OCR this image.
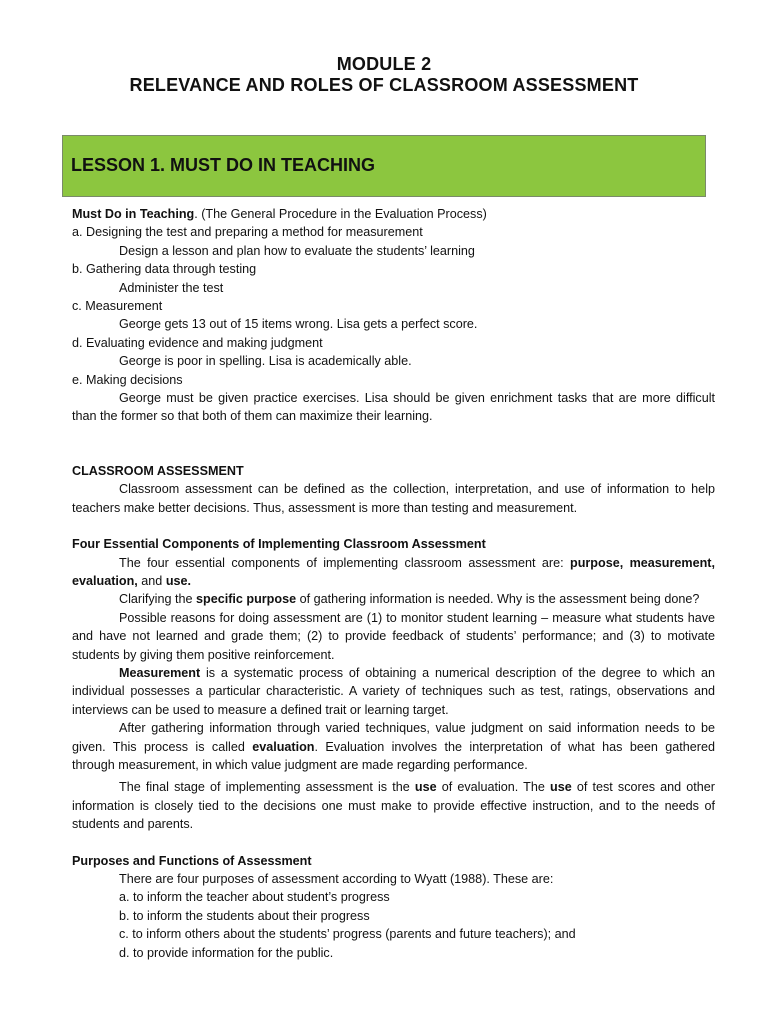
MODULE 2
RELEVANCE AND ROLES OF CLASSROOM ASSESSMENT
LESSON 1. MUST DO IN TEACHING
Must Do in Teaching. (The General Procedure in the Evaluation Process)
a. Designing the test and preparing a method for measurement
Design a lesson and plan how to evaluate the students’ learning
b. Gathering data through testing
Administer the test
c. Measurement
George gets 13 out of 15 items wrong. Lisa gets a perfect score.
d. Evaluating evidence and making judgment
George is poor in spelling. Lisa is academically able.
e. Making decisions
George must be given practice exercises. Lisa should be given enrichment tasks that are more difficult
than the former so that both of them can maximize their learning.
CLASSROOM ASSESSMENT
Classroom assessment can be defined as the collection, interpretation, and use of information to help
teachers make better decisions. Thus, assessment is more than testing and measurement.
Four Essential Components of Implementing Classroom Assessment
The four essential components of implementing classroom assessment are: purpose, measurement,
evaluation, and use.
Clarifying the specific purpose of gathering information is needed. Why is the assessment being done?
Possible reasons for doing assessment are (1) to monitor student learning – measure what students have
and have not learned and grade them; (2) to provide feedback of students’ performance; and (3) to motivate
students by giving them positive reinforcement.
Measurement is a systematic process of obtaining a numerical description of the degree to which an
individual possesses a particular characteristic. A variety of techniques such as test, ratings, observations and
interviews can be used to measure a defined trait or learning target.
After gathering information through varied techniques, value judgment on said information needs to be
given. This process is called evaluation. Evaluation involves the interpretation of what has been gathered
through measurement, in which value judgment are made regarding performance.
The final stage of implementing assessment is the use of evaluation. The use of test scores and other
information is closely tied to the decisions one must make to provide effective instruction, and to the needs of
students and parents.
Purposes and Functions of Assessment
There are four purposes of assessment according to Wyatt (1988). These are:
a. to inform the teacher about student’s progress
b. to inform the students about their progress
c. to inform others about the students’ progress (parents and future teachers); and
d. to provide information for the public.
